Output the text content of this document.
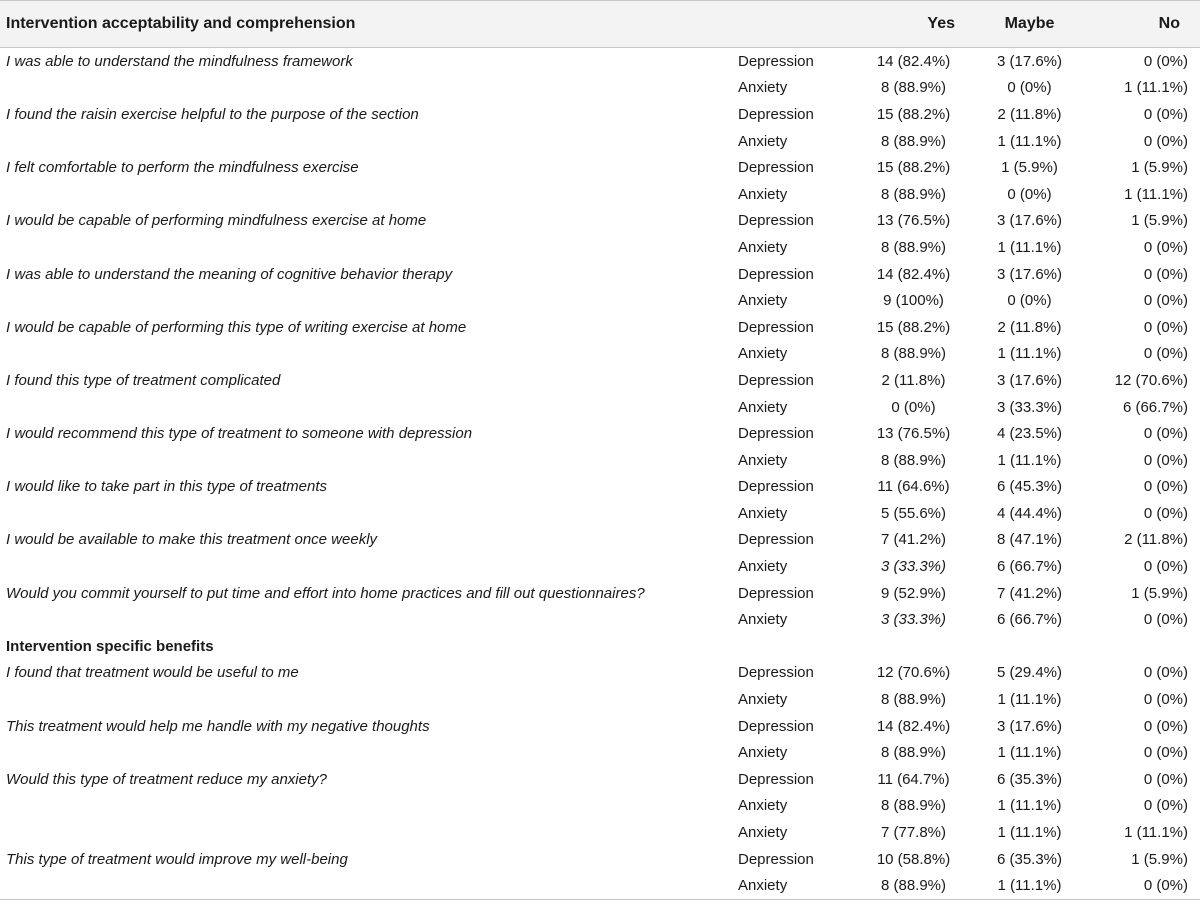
Intervention acceptability and comprehension		Yes	Maybe	No
I was able to understand the mindfulness framework	Depression	14 (82.4%)	3 (17.6%)	0 (0%)
	Anxiety	8 (88.9%)	0 (0%)	1 (11.1%)
I found the raisin exercise helpful to the purpose of the section	Depression	15 (88.2%)	2 (11.8%)	0 (0%)
	Anxiety	8 (88.9%)	1 (11.1%)	0 (0%)
I felt comfortable to perform the mindfulness exercise	Depression	15 (88.2%)	1 (5.9%)	1 (5.9%)
	Anxiety	8 (88.9%)	0 (0%)	1 (11.1%)
I would be capable of performing mindfulness exercise at home	Depression	13 (76.5%)	3 (17.6%)	1 (5.9%)
	Anxiety	8 (88.9%)	1 (11.1%)	0 (0%)
I was able to understand the meaning of cognitive behavior therapy	Depression	14 (82.4%)	3 (17.6%)	0 (0%)
	Anxiety	9 (100%)	0 (0%)	0 (0%)
I would be capable of performing this type of writing exercise at home	Depression	15 (88.2%)	2 (11.8%)	0 (0%)
	Anxiety	8 (88.9%)	1 (11.1%)	0 (0%)
I found this type of treatment complicated	Depression	2 (11.8%)	3 (17.6%)	12 (70.6%)
	Anxiety	0 (0%)	3 (33.3%)	6 (66.7%)
I would recommend this type of treatment to someone with depression	Depression	13 (76.5%)	4 (23.5%)	0 (0%)
	Anxiety	8 (88.9%)	1 (11.1%)	0 (0%)
I would like to take part in this type of treatments	Depression	11 (64.6%)	6 (45.3%)	0 (0%)
	Anxiety	5 (55.6%)	4 (44.4%)	0 (0%)
I would be available to make this treatment once weekly	Depression	7 (41.2%)	8 (47.1%)	2 (11.8%)
	Anxiety	3 (33.3%)	6 (66.7%)	0 (0%)
Would you commit yourself to put time and effort into home practices and fill out questionnaires?	Depression	9 (52.9%)	7 (41.2%)	1 (5.9%)
	Anxiety	3 (33.3%)	6 (66.7%)	0 (0%)
Intervention specific benefits				
I found that treatment would be useful to me	Depression	12 (70.6%)	5 (29.4%)	0 (0%)
	Anxiety	8 (88.9%)	1 (11.1%)	0 (0%)
This treatment would help me handle with my negative thoughts	Depression	14 (82.4%)	3 (17.6%)	0 (0%)
	Anxiety	8 (88.9%)	1 (11.1%)	0 (0%)
Would this type of treatment reduce my anxiety?	Depression	11 (64.7%)	6 (35.3%)	0 (0%)
	Anxiety	8 (88.9%)	1 (11.1%)	0 (0%)
	Anxiety	7 (77.8%)	1 (11.1%)	1 (11.1%)
This type of treatment would improve my well-being	Depression	10 (58.8%)	6 (35.3%)	1 (5.9%)
	Anxiety	8 (88.9%)	1 (11.1%)	0 (0%)
